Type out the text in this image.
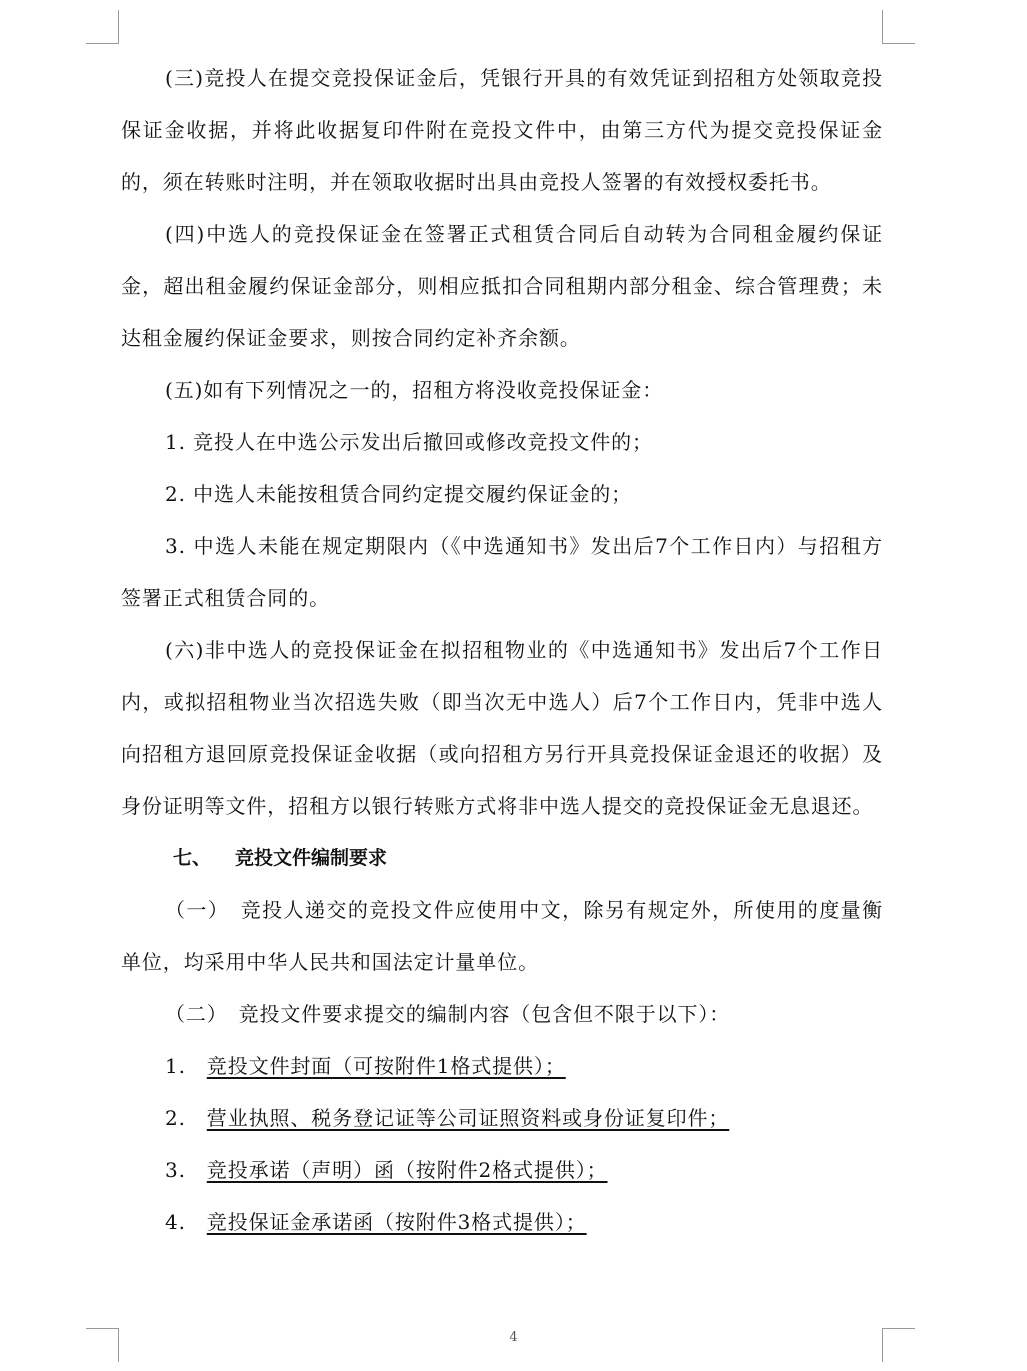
(三)竞投人在提交竞投保证金后，凭银行开具的有效凭证到招租方处领取竞投保证金收据，并将此收据复印件附在竞投文件中，由第三方代为提交竞投保证金的，须在转账时注明，并在领取收据时出具由竞投人签署的有效授权委托书。

(四)中选人的竞投保证金在签署正式租赁合同后自动转为合同租金履约保证金，超出租金履约保证金部分，则相应抵扣合同租期内部分租金、综合管理费；未达租金履约保证金要求，则按合同约定补齐余额。

(五)如有下列情况之一的，招租方将没收竞投保证金：

1. 竞投人在中选公示发出后撤回或修改竞投文件的；

2. 中选人未能按租赁合同约定提交履约保证金的；

3. 中选人未能在规定期限内（《中选通知书》发出后7个工作日内）与招租方签署正式租赁合同的。

(六)非中选人的竞投保证金在拟招租物业的《中选通知书》发出后7个工作日内，或拟招租物业当次招选失败（即当次无中选人）后7个工作日内，凭非中选人向招租方退回原竞投保证金收据（或向招租方另行开具竞投保证金退还的收据）及身份证明等文件，招租方以银行转账方式将非中选人提交的竞投保证金无息退还。

七、 竞投文件编制要求

（一）　竞投人递交的竞投文件应使用中文，除另有规定外，所使用的度量衡单位，均采用中华人民共和国法定计量单位。

（二）　竞投文件要求提交的编制内容（包含但不限于以下）：

1.  竞投文件封面（可按附件1格式提供）；

2.  营业执照、税务登记证等公司证照资料或身份证复印件；

3.  竞投承诺（声明）函（按附件2格式提供）；

4.  竞投保证金承诺函（按附件3格式提供）；

4
